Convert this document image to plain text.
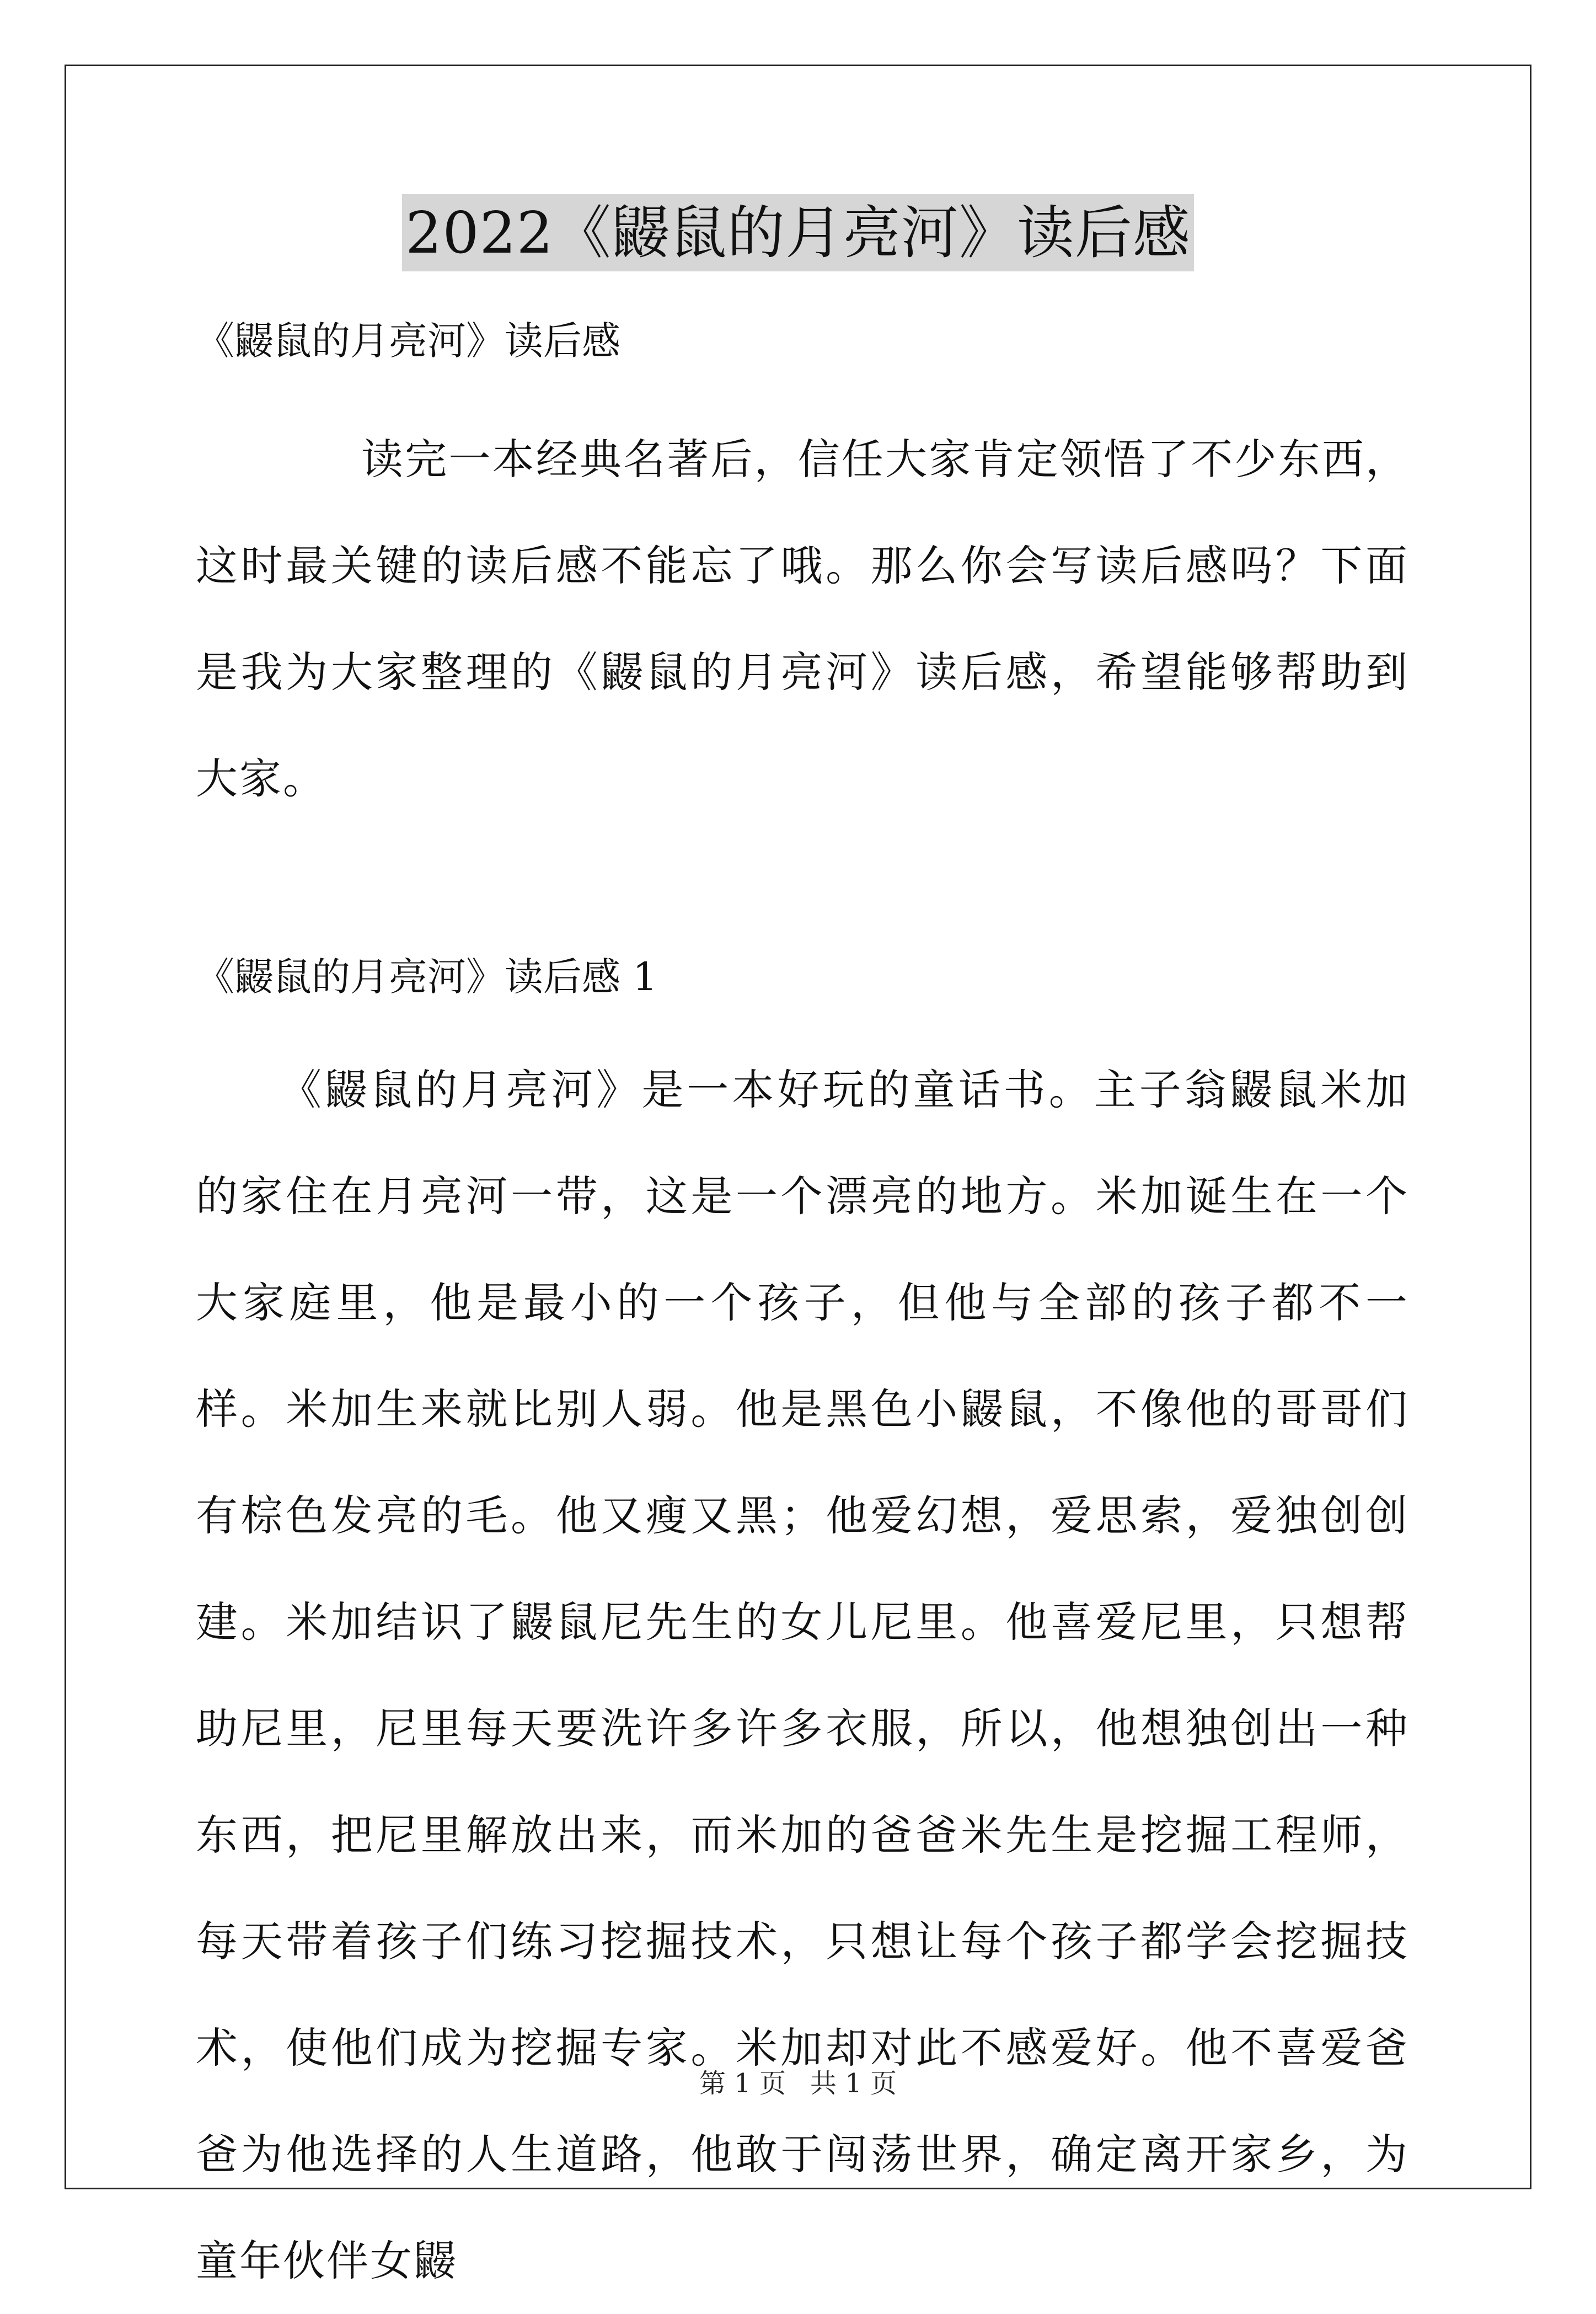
2022《鼹鼠的月亮河》读后感

《鼹鼠的月亮河》读后感

读完一本经典名著后，信任大家肯定领悟了不少东西，这时最关键的读后感不能忘了哦。那么你会写读后感吗？下面是我为大家整理的《鼹鼠的月亮河》读后感，希望能够帮助到大家。

《鼹鼠的月亮河》读后感 1

《鼹鼠的月亮河》是一本好玩的童话书。主子翁鼹鼠米加的家住在月亮河一带，这是一个漂亮的地方。米加诞生在一个大家庭里，他是最小的一个孩子，但他与全部的孩子都不一样。米加生来就比别人弱。他是黑色小鼹鼠，不像他的哥哥们有棕色发亮的毛。他又瘦又黑；他爱幻想，爱思索，爱独创创建。米加结识了鼹鼠尼先生的女儿尼里。他喜爱尼里，只想帮助尼里，尼里每天要洗许多许多衣服，所以，他想独创出一种东西，把尼里解放出来，而米加的爸爸米先生是挖掘工程师，每天带着孩子们练习挖掘技术，只想让每个孩子都学会挖掘技术，使他们成为挖掘专家。米加却对此不感爱好。他不喜爱爸爸为他选择的人生道路，他敢于闯荡世界，确定离开家乡，为童年伙伴女鼹

第 1 页 共 1 页
